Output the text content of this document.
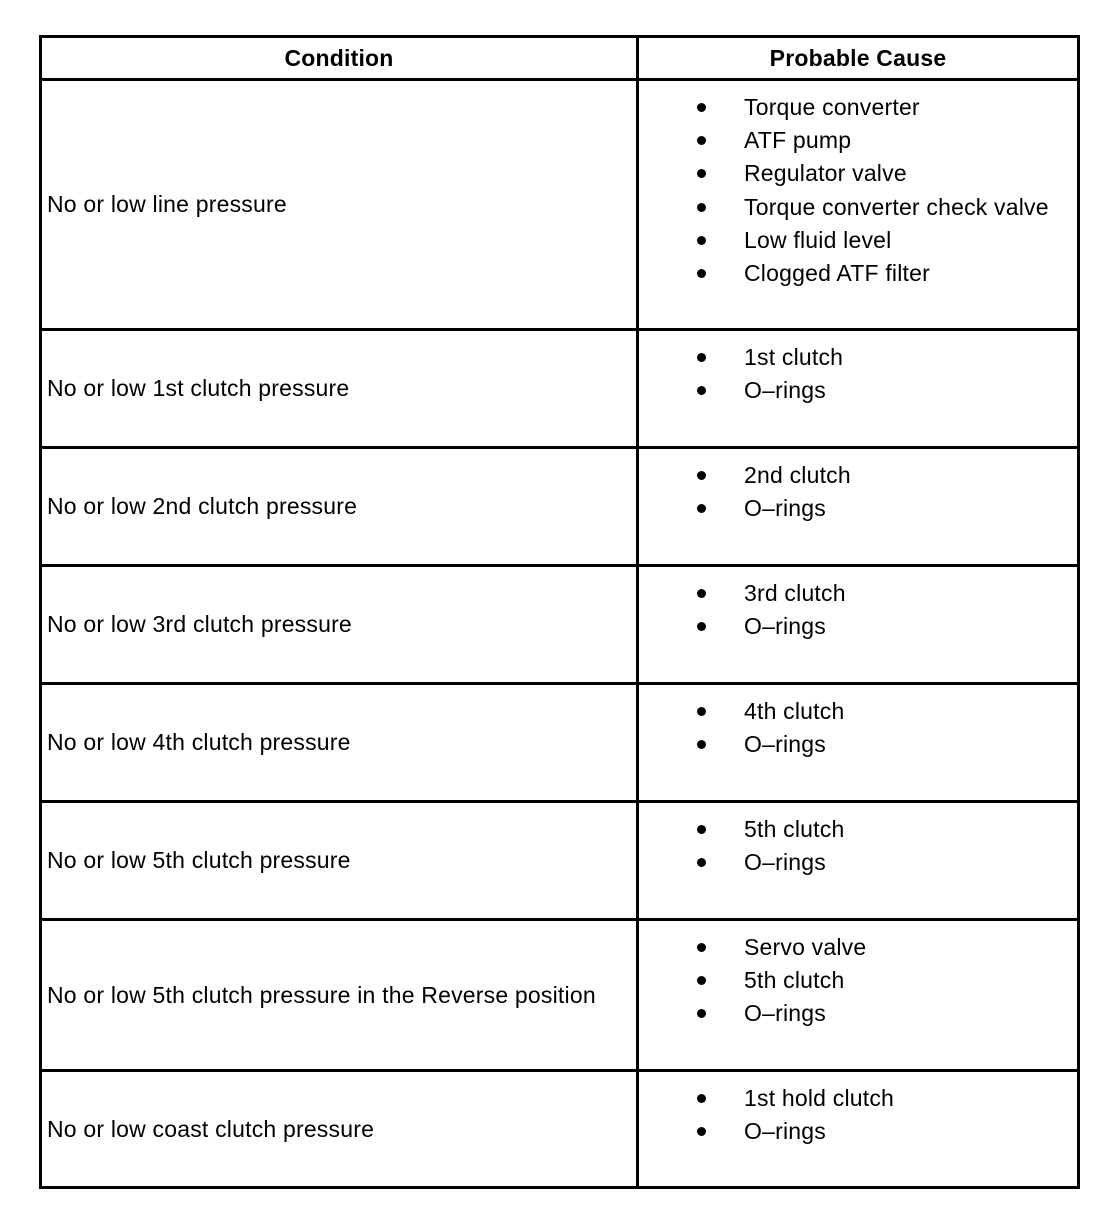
Condition	Probable Cause
No or low line pressure
Torque converter
ATF pump
Regulator valve
Torque converter check valve
Low fluid level
Clogged ATF filter
No or low 1st clutch pressure
1st clutch
O–rings
No or low 2nd clutch pressure
2nd clutch
O–rings
No or low 3rd clutch pressure
3rd clutch
O–rings
No or low 4th clutch pressure
4th clutch
O–rings
No or low 5th clutch pressure
5th clutch
O–rings
No or low 5th clutch pressure in the Reverse position
Servo valve
5th clutch
O–rings
No or low coast clutch pressure
1st hold clutch
O–rings
